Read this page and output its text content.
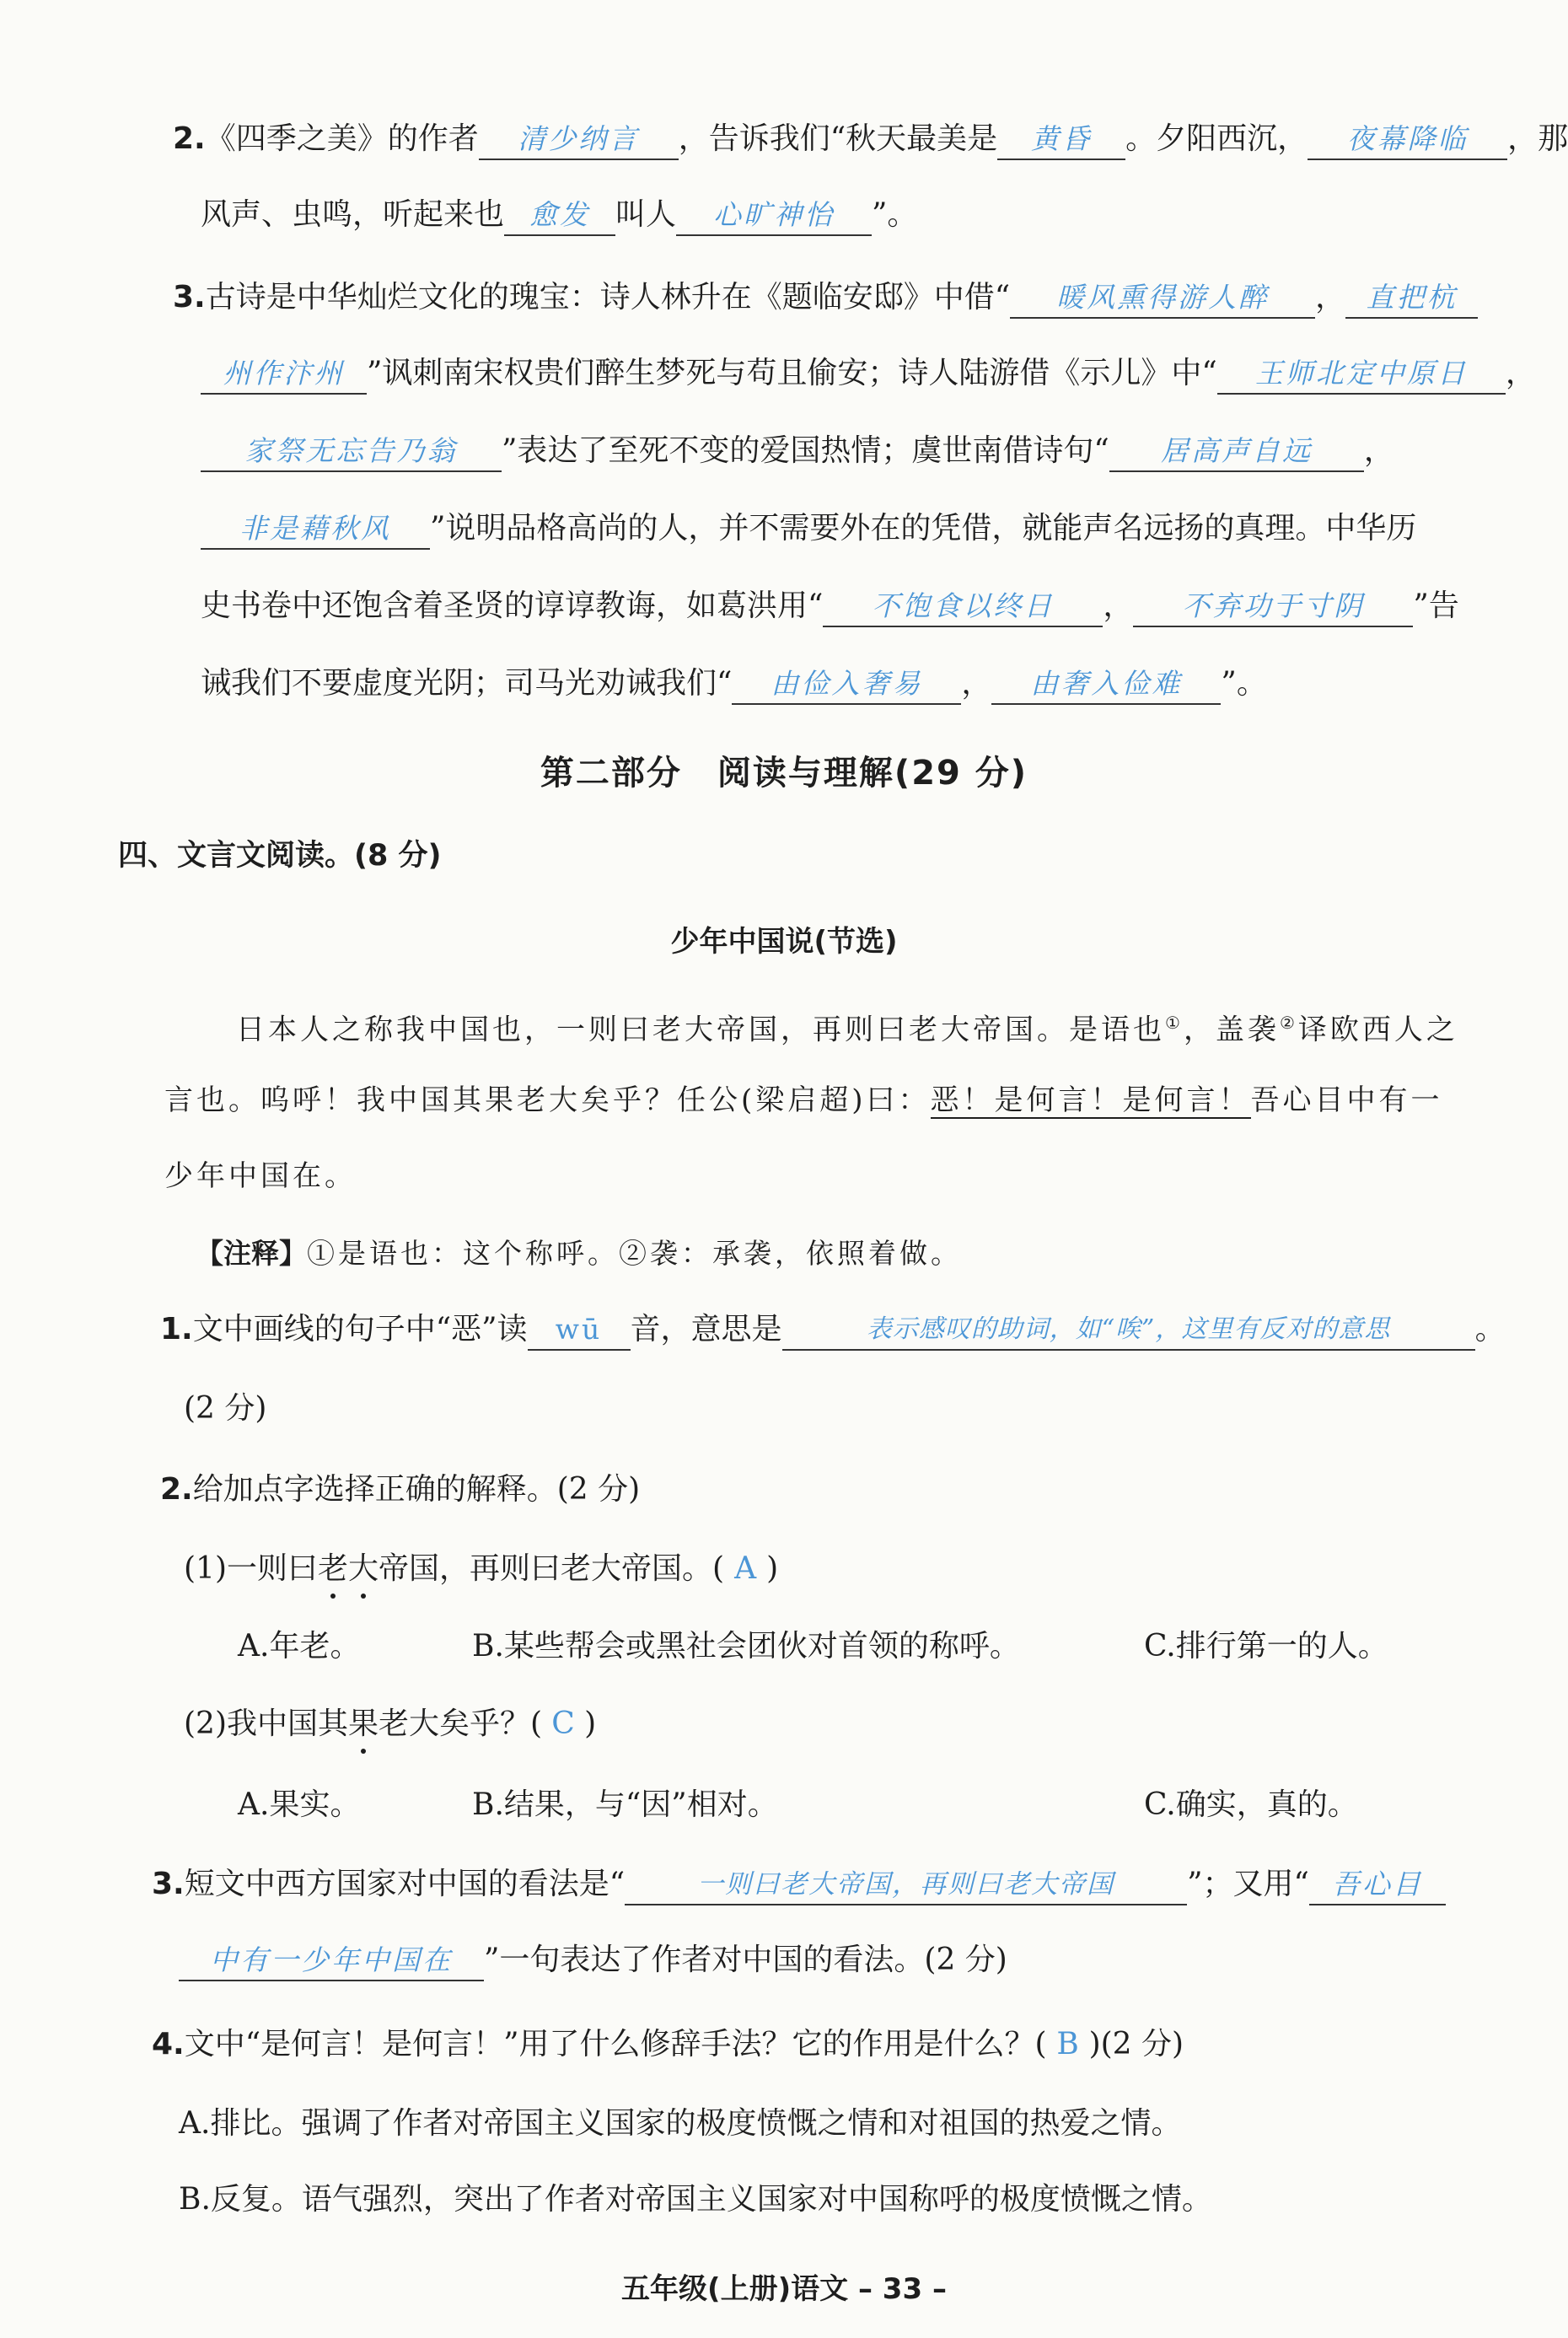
2.《四季之美》的作者 清少纳言 ，告诉我们“秋天最美是 黄昏 。夕阳西沉， 夜幕降临 ，那
风声、虫鸣，听起来也 愈发 叫人 心旷神怡 ”。
3.古诗是中华灿烂文化的瑰宝：诗人林升在《题临安邸》中借“ 暖风熏得游人醉 ， 直把杭
州作汴州 ”讽刺南宋权贵们醉生梦死与苟且偷安；诗人陆游借《示儿》中“ 王师北定中原日 ，
家祭无忘告乃翁 ”表达了至死不变的爱国热情；虞世南借诗句“ 居高声自远 ，
非是藉秋风 ”说明品格高尚的人，并不需要外在的凭借，就能声名远扬的真理。中华历
史书卷中还饱含着圣贤的谆谆教诲，如葛洪用“ 不饱食以终日 ， 不弃功于寸阴 ”告
诫我们不要虚度光阴；司马光劝诫我们“ 由俭入奢易 ， 由奢入俭难 ”。
第二部分　阅读与理解(29 分)
四、文言文阅读。(8 分)
少年中国说(节选)
日本人之称我中国也，一则曰老大帝国，再则曰老大帝国。是语也①，盖袭②译欧西人之
言也。呜呼！我中国其果老大矣乎？任公(梁启超)曰：恶！是何言！是何言！吾心目中有一
少年中国在。
【注释】①是语也：这个称呼。②袭：承袭，依照着做。
1.文中画线的句子中“恶”读 wū 音，意思是	表示感叹的助词，如“唉”，这里有反对的意思	。
(2 分)
2.给加点字选择正确的解释。(2 分)
(1)一则曰老大帝国，再则曰老大帝国。( A )
A.年老。	B.某些帮会或黑社会团伙对首领的称呼。	C.排行第一的人。
(2)我中国其果老大矣乎？( C )
A.果实。	B.结果，与“因”相对。	C.确实，真的。
3.短文中西方国家对中国的看法是“	一则曰老大帝国，再则曰老大帝国 ”；又用“ 吾心目
中有一少年中国在 ”一句表达了作者对中国的看法。(2 分)
4.文中“是何言！是何言！”用了什么修辞手法？它的作用是什么？( B )(2 分)
A.排比。强调了作者对帝国主义国家的极度愤慨之情和对祖国的热爱之情。
B.反复。语气强烈，突出了作者对帝国主义国家对中国称呼的极度愤慨之情。
五年级(上册)语文 – 33 –
